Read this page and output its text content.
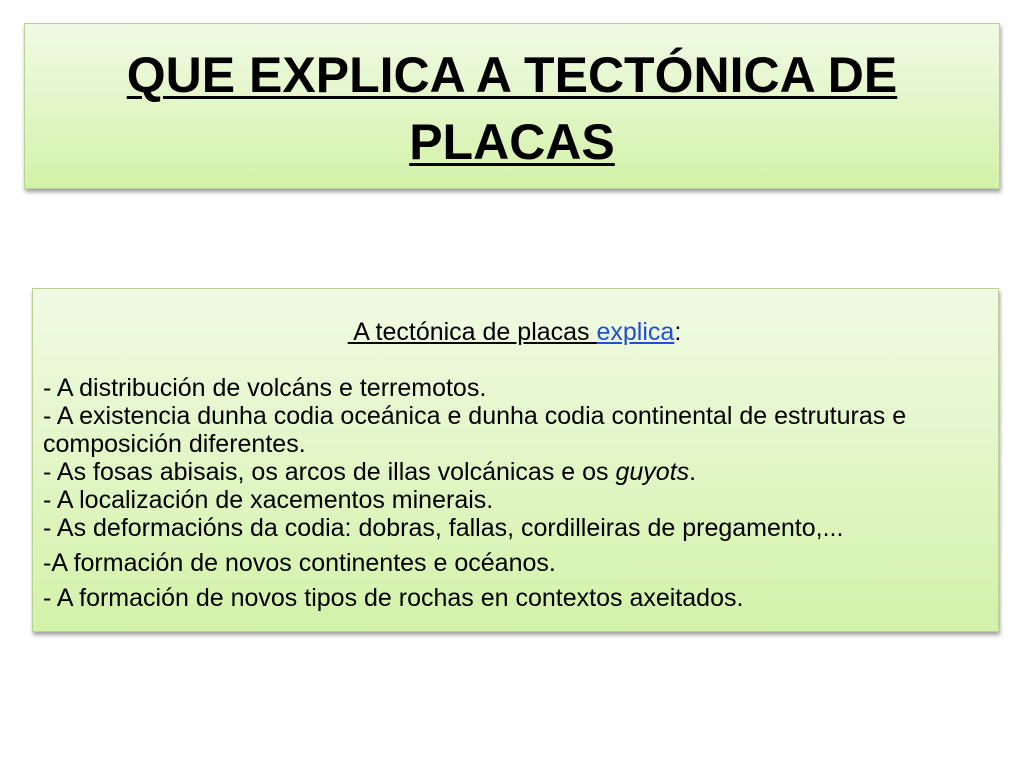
QUE EXPLICA A TECTÓNICA DE PLACAS

A tectónica de placas explica:

- A distribución de volcáns e terremotos.

- A existencia dunha codia oceánica e dunha codia continental de estruturas e composición diferentes.

- As fosas abisais, os arcos de illas volcánicas e os guyots.

- A localización de xacementos minerais.

- As deformacións da codia: dobras, fallas, cordilleiras de pregamento,...

-A formación de novos continentes e océanos.

- A formación de novos tipos de rochas en contextos axeitados.
